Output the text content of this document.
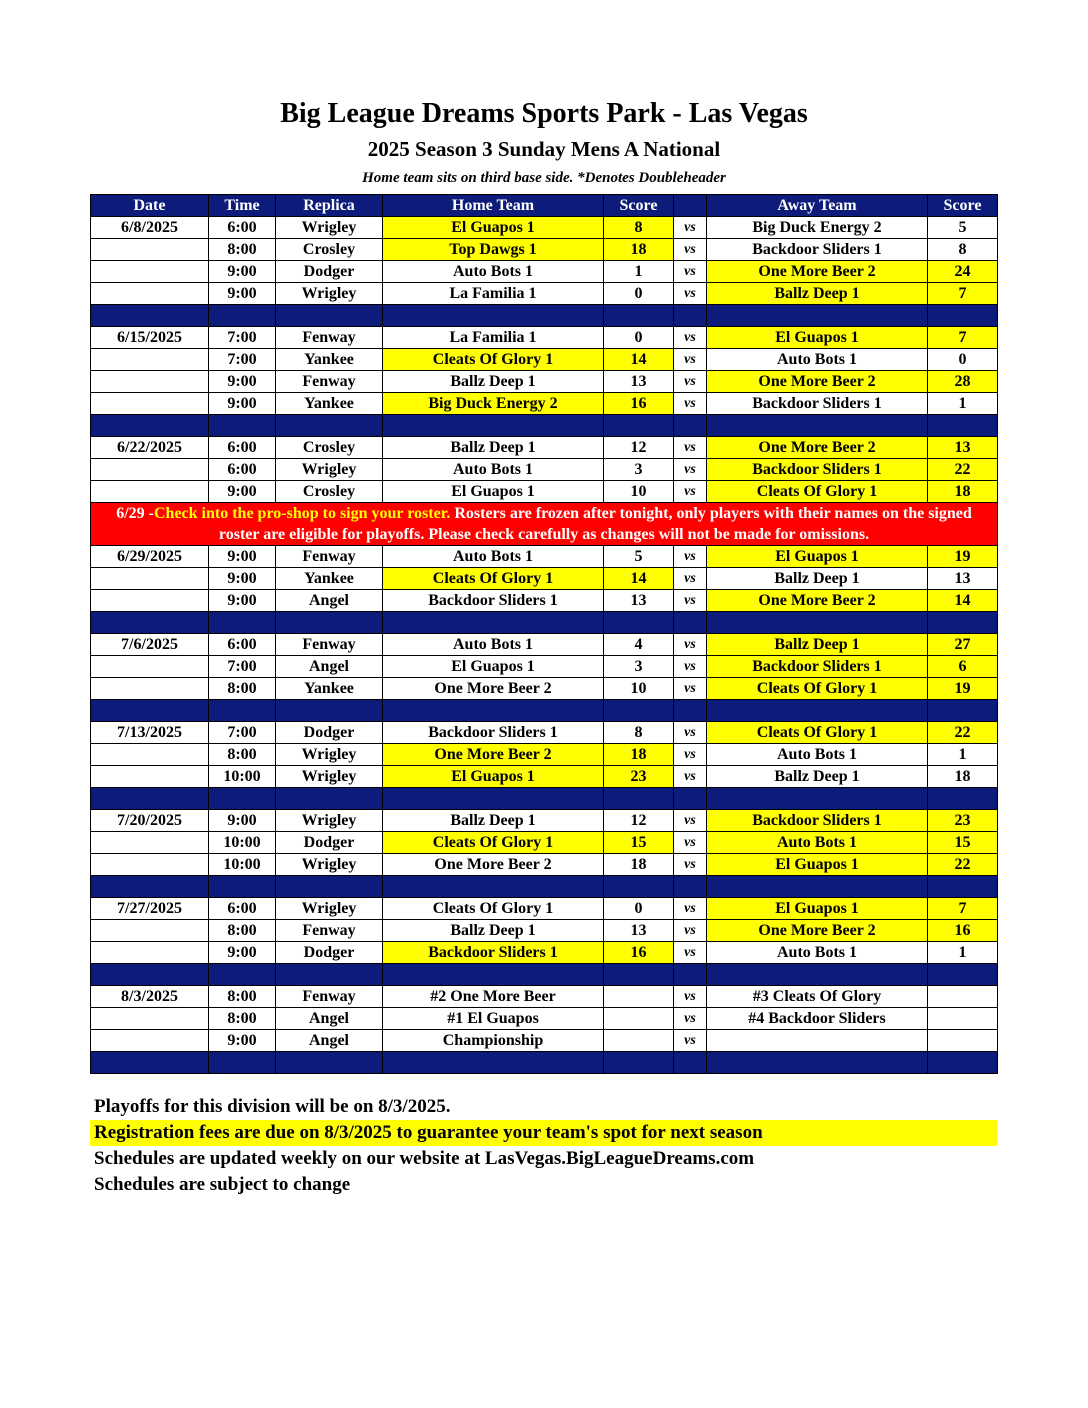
Big League Dreams Sports Park - Las Vegas
2025 Season 3 Sunday Mens A National
Home team sits on third base side. *Denotes Doubleheader
Date	Time	Replica	Home Team	Score		Away Team	Score
6/8/2025	6:00	Wrigley	El Guapos 1	8	vs	Big Duck Energy 2	5
	8:00	Crosley	Top Dawgs 1	18	vs	Backdoor Sliders 1	8
	9:00	Dodger	Auto Bots 1	1	vs	One More Beer 2	24
	9:00	Wrigley	La Familia 1	0	vs	Ballz Deep 1	7

6/15/2025	7:00	Fenway	La Familia 1	0	vs	El Guapos 1	7
	7:00	Yankee	Cleats Of Glory 1	14	vs	Auto Bots 1	0
	9:00	Fenway	Ballz Deep 1	13	vs	One More Beer 2	28
	9:00	Yankee	Big Duck Energy 2	16	vs	Backdoor Sliders 1	1

6/22/2025	6:00	Crosley	Ballz Deep 1	12	vs	One More Beer 2	13
	6:00	Wrigley	Auto Bots 1	3	vs	Backdoor Sliders 1	22
	9:00	Crosley	El Guapos 1	10	vs	Cleats Of Glory 1	18
6/29 -Check into the pro-shop to sign your roster. Rosters are frozen after tonight, only players with their names on the signed roster are eligible for playoffs. Please check carefully as changes will not be made for omissions.							
6/29/2025	9:00	Fenway	Auto Bots 1	5	vs	El Guapos 1	19
	9:00	Yankee	Cleats Of Glory 1	14	vs	Ballz Deep 1	13
	9:00	Angel	Backdoor Sliders 1	13	vs	One More Beer 2	14

7/6/2025	6:00	Fenway	Auto Bots 1	4	vs	Ballz Deep 1	27
	7:00	Angel	El Guapos 1	3	vs	Backdoor Sliders 1	6
	8:00	Yankee	One More Beer 2	10	vs	Cleats Of Glory 1	19

7/13/2025	7:00	Dodger	Backdoor Sliders 1	8	vs	Cleats Of Glory 1	22
	8:00	Wrigley	One More Beer 2	18	vs	Auto Bots 1	1
	10:00	Wrigley	El Guapos 1	23	vs	Ballz Deep 1	18

7/20/2025	9:00	Wrigley	Ballz Deep 1	12	vs	Backdoor Sliders 1	23
	10:00	Dodger	Cleats Of Glory 1	15	vs	Auto Bots 1	15
	10:00	Wrigley	One More Beer 2	18	vs	El Guapos 1	22

7/27/2025	6:00	Wrigley	Cleats Of Glory 1	0	vs	El Guapos 1	7
	8:00	Fenway	Ballz Deep 1	13	vs	One More Beer 2	16
	9:00	Dodger	Backdoor Sliders 1	16	vs	Auto Bots 1	1

8/3/2025	8:00	Fenway	#2 One More Beer		vs	#3 Cleats Of Glory	
	8:00	Angel	#1 El Guapos		vs	#4 Backdoor Sliders	
	9:00	Angel	Championship		vs		

Playoffs for this division will be on 8/3/2025.
Registration fees are due on 8/3/2025 to guarantee your team's spot for next season
Schedules are updated weekly on our website at LasVegas.BigLeagueDreams.com
Schedules are subject to change
